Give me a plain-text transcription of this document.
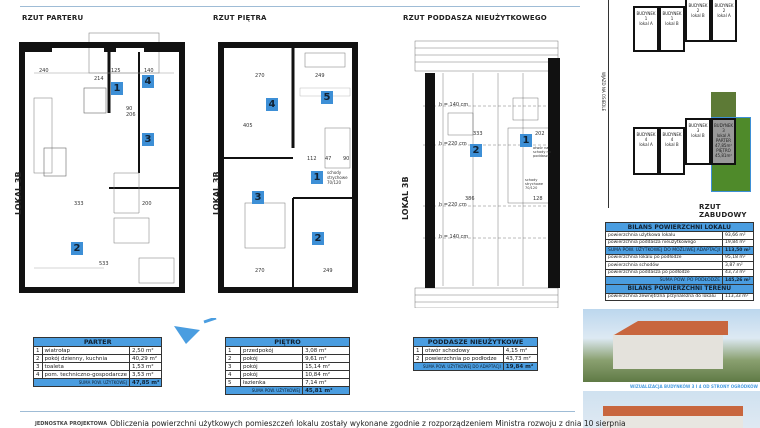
RZUT PARTERU	RZUT PIĘTRA	RZUT PODDASZA NIEUŻYTKOWEGO
1
2
3
4
240	125	140
333	200
533
90
206
214
LOKAL 3B
4
5
1
3
2
270	249
270	249
112 47 90
405
schody strychowe 70/120
LOKAL 3B
2
1
333	202
386	128
h = 140 cm
h =220 cm
h =220 cm
h = 140 cm
otwór na schody na poddasze
schody strychowe 70/120
LOKAL 3B
PARTER		
1	wiatrołap	2,50 m²
2	pokój dzienny, kuchnia	40,29 m²
3	toaleta	1,53 m²
4	pom. techniczno-gospodarcze	3,53 m²
SUMA POW. UŻYTKOWEJ		47,85 m²
PIĘTRO		
1	przedpokój	3,08 m²
2	pokój	9,61 m²
3	pokój	15,14 m²
4	pokój	10,84 m²
5	łazienka	7,14 m²
SUMA POW. UŻYTKOWEJ		45,81 m²
PODDASZE NIEUŻYTKOWE		
1	otwór schodowy	4,15 m²
2	powierzchnia po podłodze	43,73 m²
SUMA POW. UŻYTKOWEJ DO ADAPTACJI		19,84 m²
BUDYNEK 1
lokal A
BUDYNEK 1
lokal B
BUDYNEK 2
lokal B
BUDYNEK 2
lokal A
BUDYNEK 4
lokal A
BUDYNEK 4
lokal B
BUDYNEK 3
lokal B
BUDYNEK 3
lokal A
PARTER
47,85m²
PIĘTRO
45,81m²
WJAZD NA OSIEDLE
RZUT ZABUDOWY
BILANS POWIERZCHNI LOKALU	
powierzchnia użytkowa lokalu	93,66 m²
powierzchnia poddasza nieużytkowego	19,84 m²
SUMA POW. UŻYTKOWEJ DO MOŻLIWEJ ADAPTACJI	113,50 m²
powierzchnia lokalu po podłodze	95,18 m²
powierzchnia schodów	3,87 m²
powierzchnia poddasza po podłodze	43,73 m²
SUMA POW. PO PODŁODZE	145,26 m²
BILANS POWIERZCHNI TERENU	
powierzchnia zewnętrzna przynależna do lokalu	113,33 m²
WIZUALIZACJA BUDYNKÓW 3 I 4 OD STRONY OGRÓDKÓW
JEDNOSTKA PROJEKTOWA Obliczenia powierzchni użytkowych pomieszczeń lokalu zostały wykonane zgodnie z rozporządzeniem Ministra rozwoju z dnia 10 sierpnia
